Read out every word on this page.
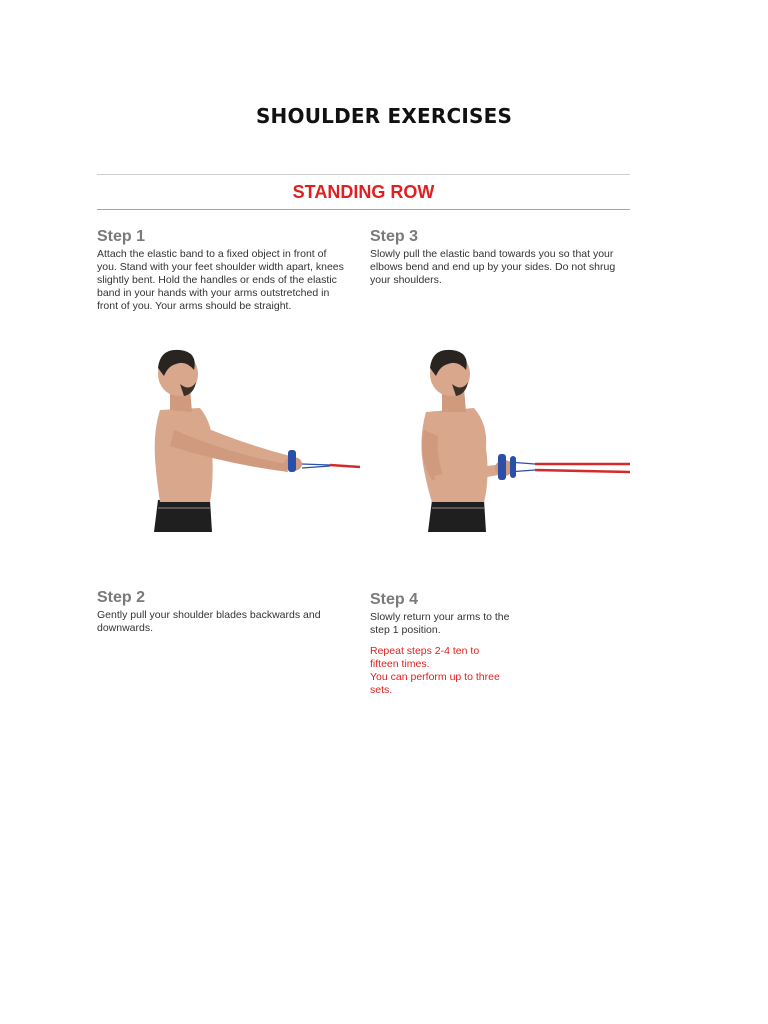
SHOULDER EXERCISES
STANDING ROW
Step 1
Attach the elastic band to a fixed object in front of you. Stand with your feet shoulder width apart, knees slightly bent. Hold the handles or ends of the elastic band in your hands with your arms outstretched in front of you. Your arms should be straight.
Step 3
Slowly pull the elastic band towards you so that your elbows bend and end up by your sides. Do not shrug your shoulders.
Step 2
Gently pull your shoulder blades backwards and downwards.
Step 4
Slowly return your arms to the step 1 position.
Repeat steps 2-4 ten to fifteen times.
You can perform up to three sets.
